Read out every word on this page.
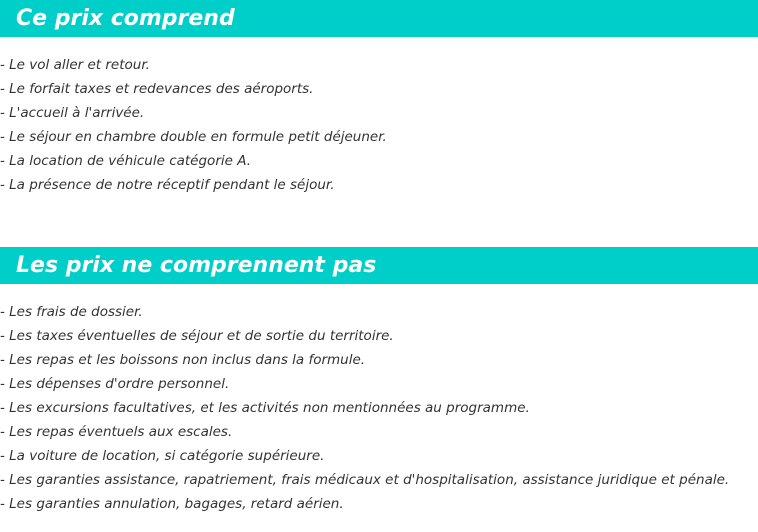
Ce prix comprend
- Le vol aller et retour.
- Le forfait taxes et redevances des aéroports.
- L'accueil à l'arrivée.
- Le séjour en chambre double en formule petit déjeuner.
- La location de véhicule catégorie A.
- La présence de notre réceptif pendant le séjour.
Les prix ne comprennent pas
- Les frais de dossier.
- Les taxes éventuelles de séjour et de sortie du territoire.
- Les repas et les boissons non inclus dans la formule.
- Les dépenses d'ordre personnel.
- Les excursions facultatives, et les activités non mentionnées au programme.
- Les repas éventuels aux escales.
- La voiture de location, si catégorie supérieure.
- Les garanties assistance, rapatriement, frais médicaux et d'hospitalisation, assistance juridique et pénale.
- Les garanties annulation, bagages, retard aérien.
